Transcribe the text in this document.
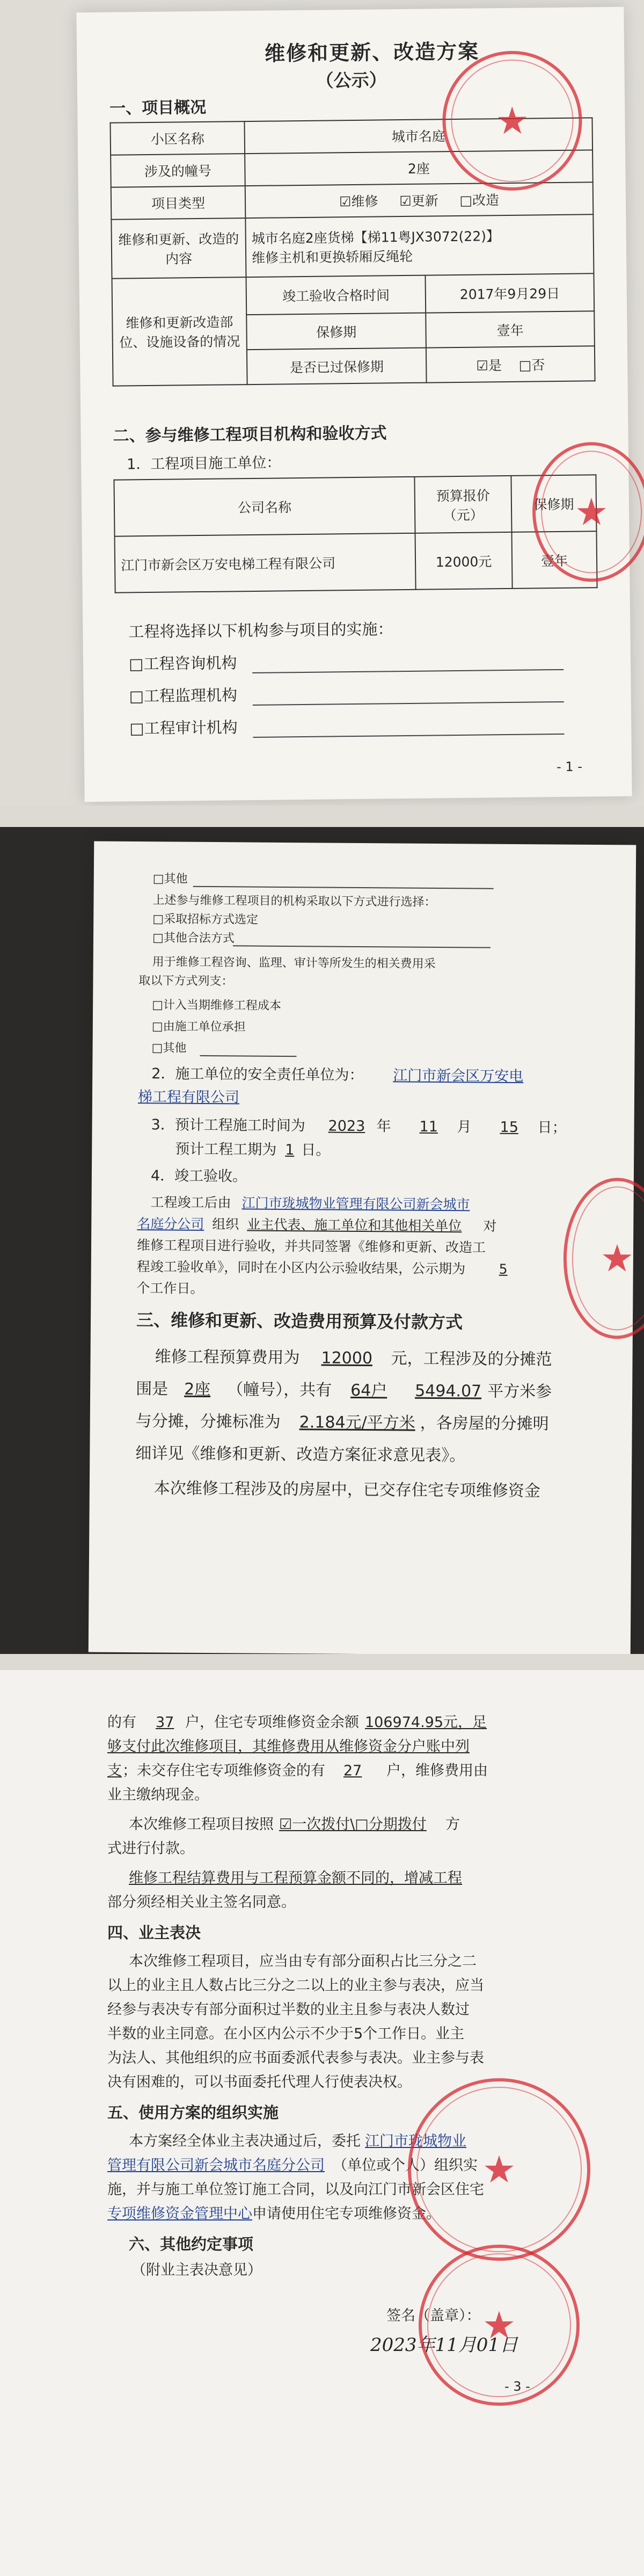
维修和更新、改造方案
（公示）
一、项目概况
小区名称	城市名庭	
涉及的幢号	2座	
项目类型	☑维修 ☑更新 □改造	
维修和更新、改造的内容	城市名庭2座货梯【梯11粤JX3072(22)】
维修主机和更换轿厢反绳轮	

维修和更新改造部位、设施设备的情况	竣工验收合格时间	2017年9月29日
	保修期	壹年
	是否已过保修期	☑是 □否
二、参与维修工程项目机构和验收方式
1．工程项目施工单位：
公司名称	预算报价（元）	保修期
江门市新会区万安电梯工程有限公司	12000元	壹年
工程将选择以下机构参与项目的实施：
□工程咨询机构
□工程监理机构
□工程审计机构
- 1 -
★
★
□其他
上述参与维修工程项目的机构采取以下方式进行选择：
□采取招标方式选定
□其他合法方式
用于维修工程咨询、监理、审计等所发生的相关费用采
取以下方式列支：
□计入当期维修工程成本
□由施工单位承担
□其他
2．施工单位的安全责任单位为： 江门市新会区万安电
梯工程有限公司
3．预计工程施工时间为 2023 年 11 月 15 日；
预计工程工期为 1 日。
4．竣工验收。
工程竣工后由 江门市珑城物业管理有限公司新会城市
名庭分公司 组织 业主代表、施工单位和其他相关单位 对
维修工程项目进行验收，并共同签署《维修和更新、改造工
程竣工验收单》，同时在小区内公示验收结果，公示期为 5
个工作日。
三、维修和更新、改造费用预算及付款方式
维修工程预算费用为 12000 元，工程涉及的分摊范
围是 2座 （幢号），共有 64户 5494.07 平方米参
与分摊，分摊标准为 2.184元/平方米 ，各房屋的分摊明
细详见《维修和更新、改造方案征求意见表》。
本次维修工程涉及的房屋中，已交存住宅专项维修资金
★
的有 37 户，住宅专项维修资金余额 106974.95元，足
够支付此次维修项目，其维修费用从维修资金分户账中列
支 ；未交存住宅专项维修资金的有 27 户，维修费用由
业主缴纳现金。
本次维修工程项目按照 ☑一次拨付\□分期拨付 方
式进行付款。
维修工程结算费用与工程预算金额不同的，增减工程
部分须经相关业主签名同意。
四、业主表决
本次维修工程项目，应当由专有部分面积占比三分之二
以上的业主且人数占比三分之二以上的业主参与表决，应当
经参与表决专有部分面积过半数的业主且参与表决人数过
半数的业主同意。在小区内公示不少于5个工作日。业主
为法人、其他组织的应书面委派代表参与表决。业主参与表
决有困难的，可以书面委托代理人行使表决权。
五、使用方案的组织实施
本方案经全体业主表决通过后，委托 江门市珑城物业
管理有限公司新会城市名庭分公司 （单位或个人）组织实
施，并与施工单位签订施工合同，以及向江门市新会区住宅
专项维修资金管理中心 申请使用住宅专项维修资金。
六、其他约定事项
（附业主表决意见）
签名（盖章）：
2023年11月01日
- 3 -
★
★
